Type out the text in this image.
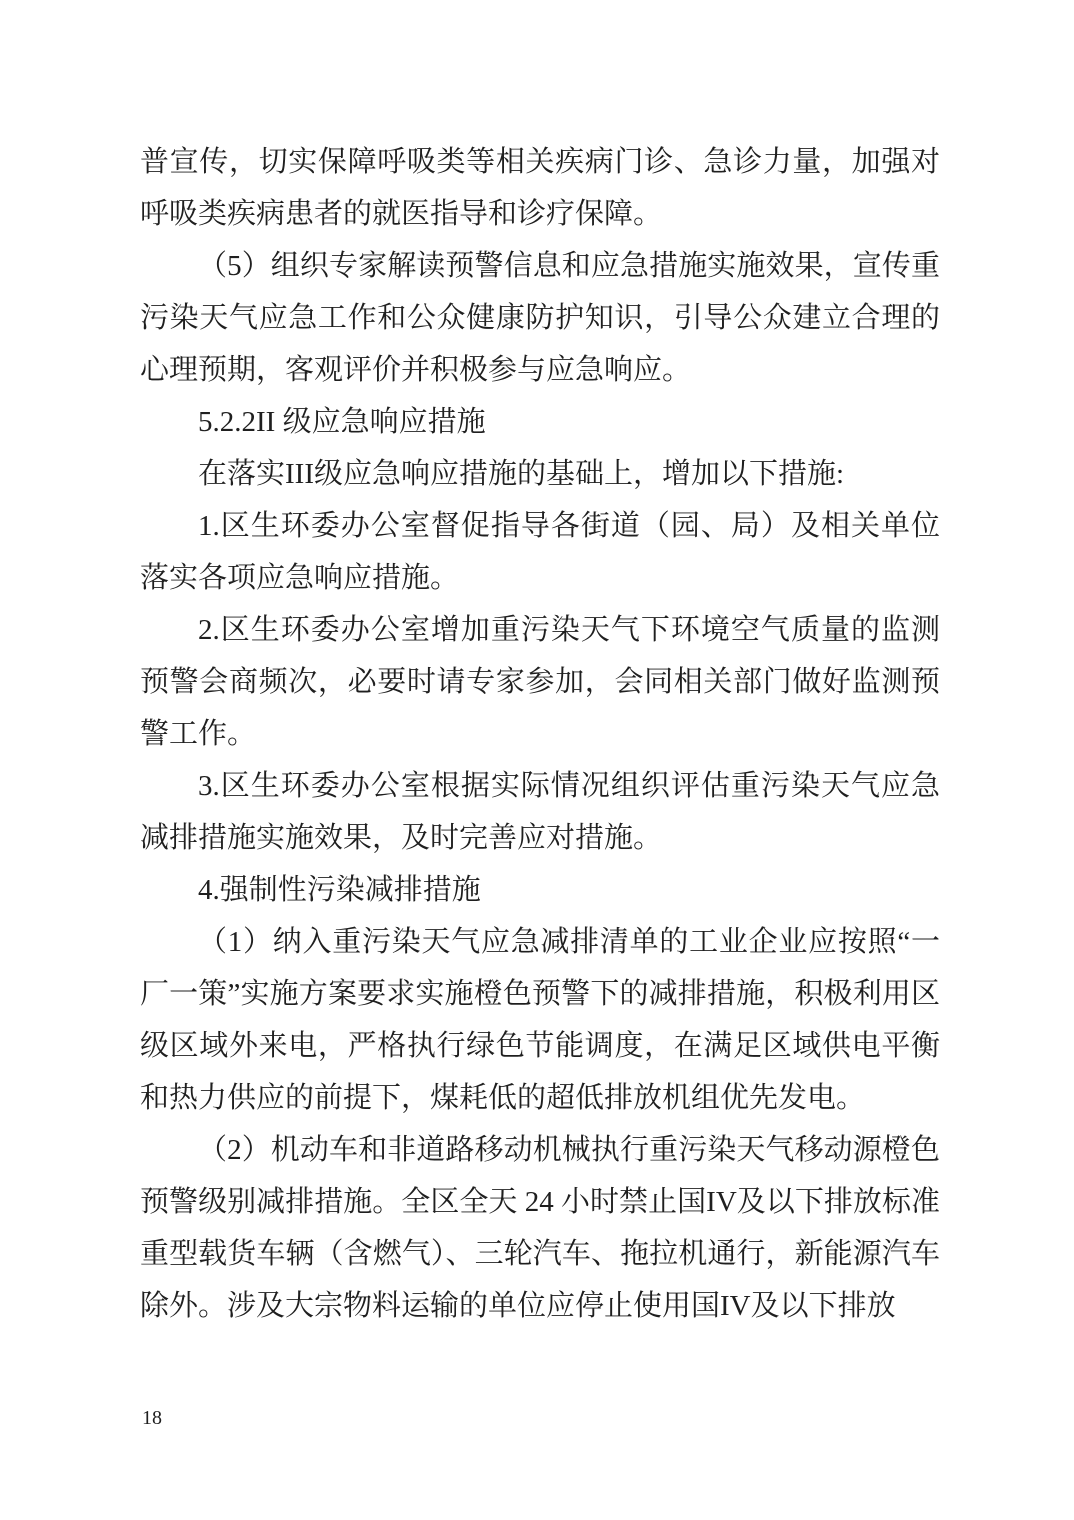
普宣传，切实保障呼吸类等相关疾病门诊、急诊力量，加强对呼吸类疾病患者的就医指导和诊疗保障。

（5）组织专家解读预警信息和应急措施实施效果，宣传重污染天气应急工作和公众健康防护知识，引导公众建立合理的心理预期，客观评价并积极参与应急响应。

5.2.2II 级应急响应措施

在落实III级应急响应措施的基础上，增加以下措施:

1.区生环委办公室督促指导各街道（园、局）及相关单位落实各项应急响应措施。

2.区生环委办公室增加重污染天气下环境空气质量的监测预警会商频次，必要时请专家参加，会同相关部门做好监测预警工作。

3.区生环委办公室根据实际情况组织评估重污染天气应急减排措施实施效果，及时完善应对措施。

4.强制性污染减排措施

（1）纳入重污染天气应急减排清单的工业企业应按照“一厂一策”实施方案要求实施橙色预警下的减排措施，积极利用区级区域外来电，严格执行绿色节能调度，在满足区域供电平衡和热力供应的前提下，煤耗低的超低排放机组优先发电。

（2）机动车和非道路移动机械执行重污染天气移动源橙色预警级别减排措施。全区全天 24 小时禁止国IV及以下排放标准重型载货车辆（含燃气）、三轮汽车、拖拉机通行，新能源汽车除外。涉及大宗物料运输的单位应停止使用国IV及以下排放

18
